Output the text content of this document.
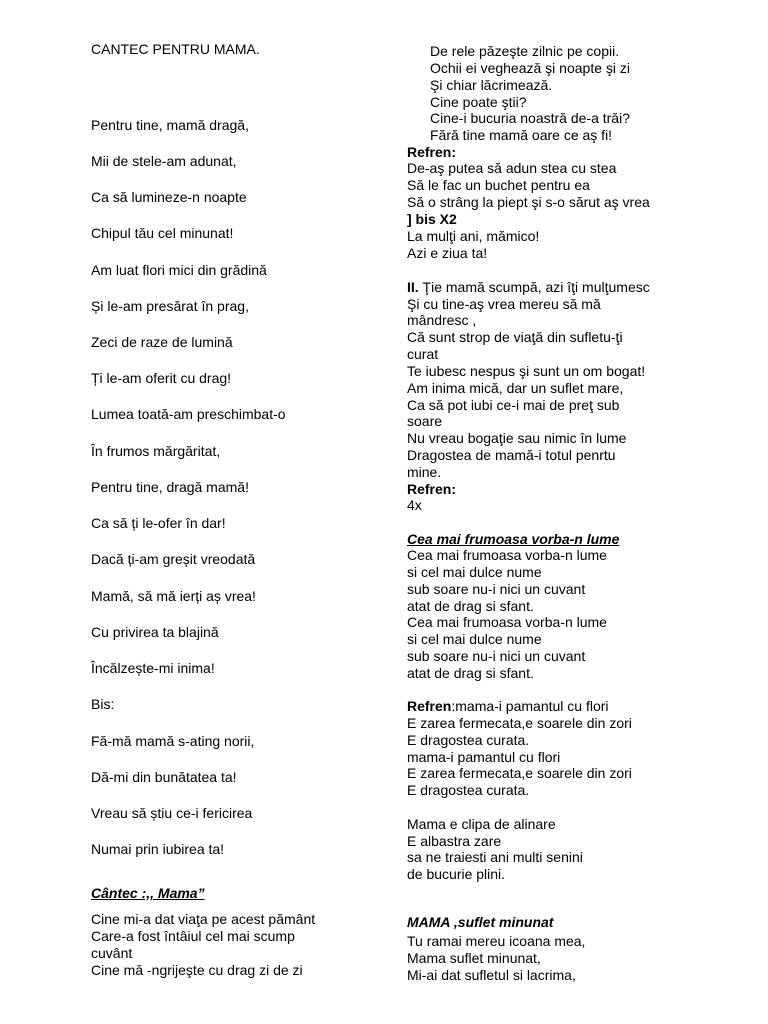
CANTEC PENTRU MAMA.
Pentru tine, mamă dragă,
Mii de stele-am adunat,
Ca să lumineze-n noapte
Chipul tău cel minunat!
Am luat flori mici din grădină
Și le-am presărat în prag,
Zeci de raze de lumină
Ți le-am oferit cu drag!
Lumea toată-am preschimbat-o
În frumos mărgăritat,
Pentru tine, dragă mamă!
Ca să ți le-ofer în dar!
Dacă ți-am greșit vreodată
Mamă, să mă ierți aș vrea!
Cu privirea ta blajină
Încălzește-mi inima!
Bis:
Fă-mă mamă s-ating norii,
Dă-mi din bunătatea ta!
Vreau să știu ce-i fericirea
Numai prin iubirea ta!
Cântec :,, Mama”
Cine mi-a dat viaţa pe acest pământ
Care-a fost întâiul cel mai scump
cuvânt
Cine mă -ngrijeşte cu drag zi de zi
De rele păzeşte zilnic pe copii.
Ochii ei veghează şi noapte şi zi
Şi chiar lăcrimează.
Cine poate ştii?
Cine-i bucuria noastră de-a trăi?
Fără tine mamă oare ce aş fi!
Refren:
De-aş putea să adun stea cu stea
Să le fac un buchet pentru ea
Să o strâng la piept şi s-o sărut aş vrea
] bis X2
La mulţi ani, mămico!
Azi e ziua ta!
II. Ţie mamă scumpă, azi îţi mulţumesc
Şi cu tine-aş vrea mereu să mă
mândresc ,
Că sunt strop de viaţă din sufletu-ţi
curat
Te iubesc nespus şi sunt un om bogat!
Am inima mică, dar un suflet mare,
Ca să pot iubi ce-i mai de preţ sub
soare
Nu vreau bogaţie sau nimic în lume
Dragostea de mamă-i totul penrtu
mine.
Refren:
4x
Cea mai frumoasa vorba-n lume
Cea mai frumoasa vorba-n lume
si cel mai dulce nume
sub soare nu-i nici un cuvant
atat de drag si sfant.
Cea mai frumoasa vorba-n lume
si cel mai dulce nume
sub soare nu-i nici un cuvant
atat de drag si sfant.
Refren:mama-i pamantul cu flori
E zarea fermecata,e soarele din zori
E dragostea curata.
mama-i pamantul cu flori
E zarea fermecata,e soarele din zori
E dragostea curata.
Mama e clipa de alinare
E albastra zare
sa ne traiesti ani multi senini
de bucurie plini.
MAMA ,suflet minunat
Tu ramai mereu icoana mea,
Mama suflet minunat,
Mi-ai dat sufletul si lacrima,
